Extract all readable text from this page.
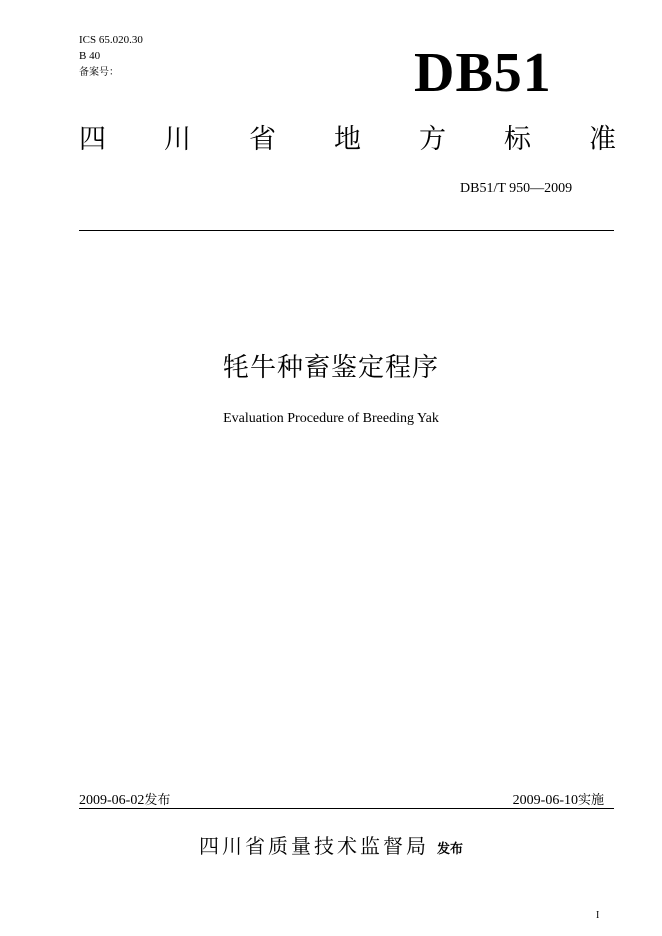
ICS 65.020.30
B 40
备案号：	DB51
四 川 省 地 方 标 准
DB51/T 950—2009
牦牛种畜鉴定程序
Evaluation Procedure of Breeding Yak
2009-06-02发布	2009-06-10实施
四川省质量技术监督局 发布
I
